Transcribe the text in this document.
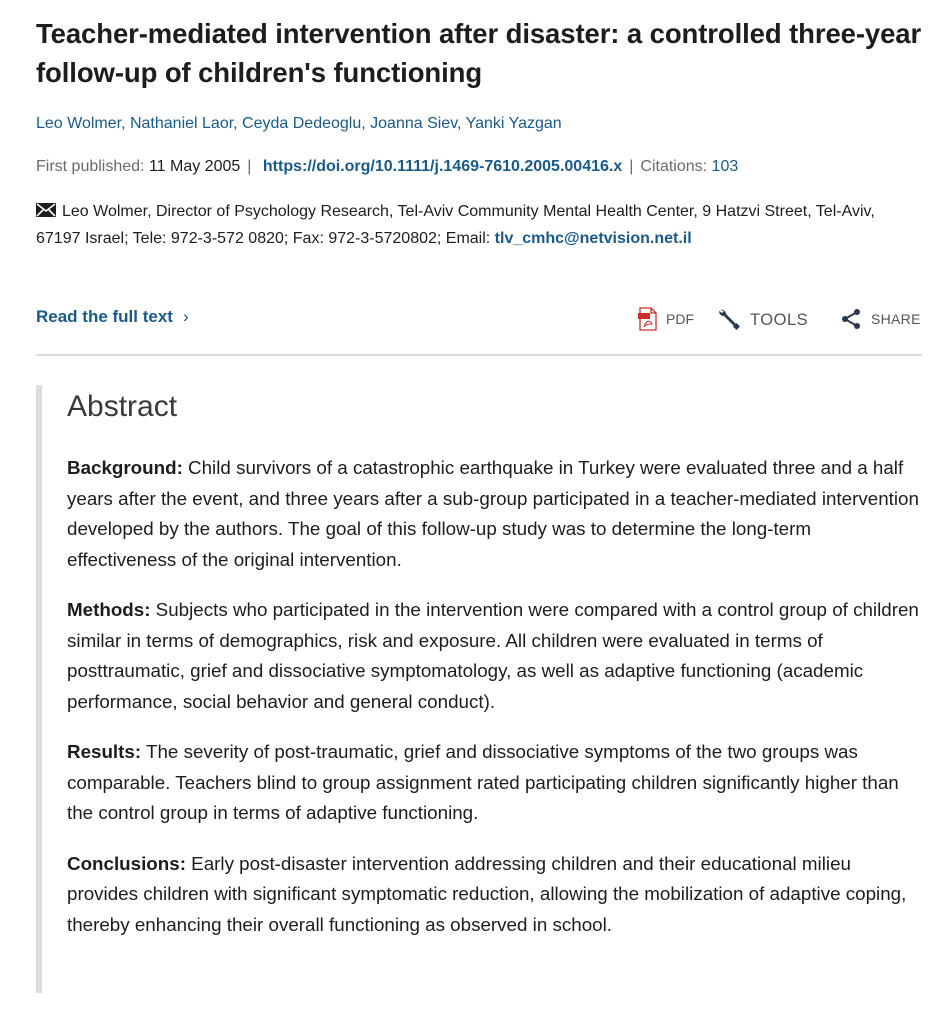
Teacher-mediated intervention after disaster: a controlled three-year follow-up of children's functioning
Leo Wolmer, Nathaniel Laor, Ceyda Dedeoglu, Joanna Siev, Yanki Yazgan
First published: 11 May 2005 | https://doi.org/10.1111/j.1469-7610.2005.00416.x | Citations: 103
Leo Wolmer, Director of Psychology Research, Tel-Aviv Community Mental Health Center, 9 Hatzvi Street, Tel-Aviv, 67197 Israel; Tele: 972-3-572 0820; Fax: 972-3-5720802; Email: tlv_cmhc@netvision.net.il
Read the full text ›	PDF	TOOLS	SHARE
Abstract

Background: Child survivors of a catastrophic earthquake in Turkey were evaluated three and a half years after the event, and three years after a sub-group participated in a teacher-mediated intervention developed by the authors. The goal of this follow-up study was to determine the long-term effectiveness of the original intervention.

Methods: Subjects who participated in the intervention were compared with a control group of children similar in terms of demographics, risk and exposure. All children were evaluated in terms of posttraumatic, grief and dissociative symptomatology, as well as adaptive functioning (academic performance, social behavior and general conduct).

Results: The severity of post-traumatic, grief and dissociative symptoms of the two groups was comparable. Teachers blind to group assignment rated participating children significantly higher than the control group in terms of adaptive functioning.

Conclusions: Early post-disaster intervention addressing children and their educational milieu provides children with significant symptomatic reduction, allowing the mobilization of adaptive coping, thereby enhancing their overall functioning as observed in school.
